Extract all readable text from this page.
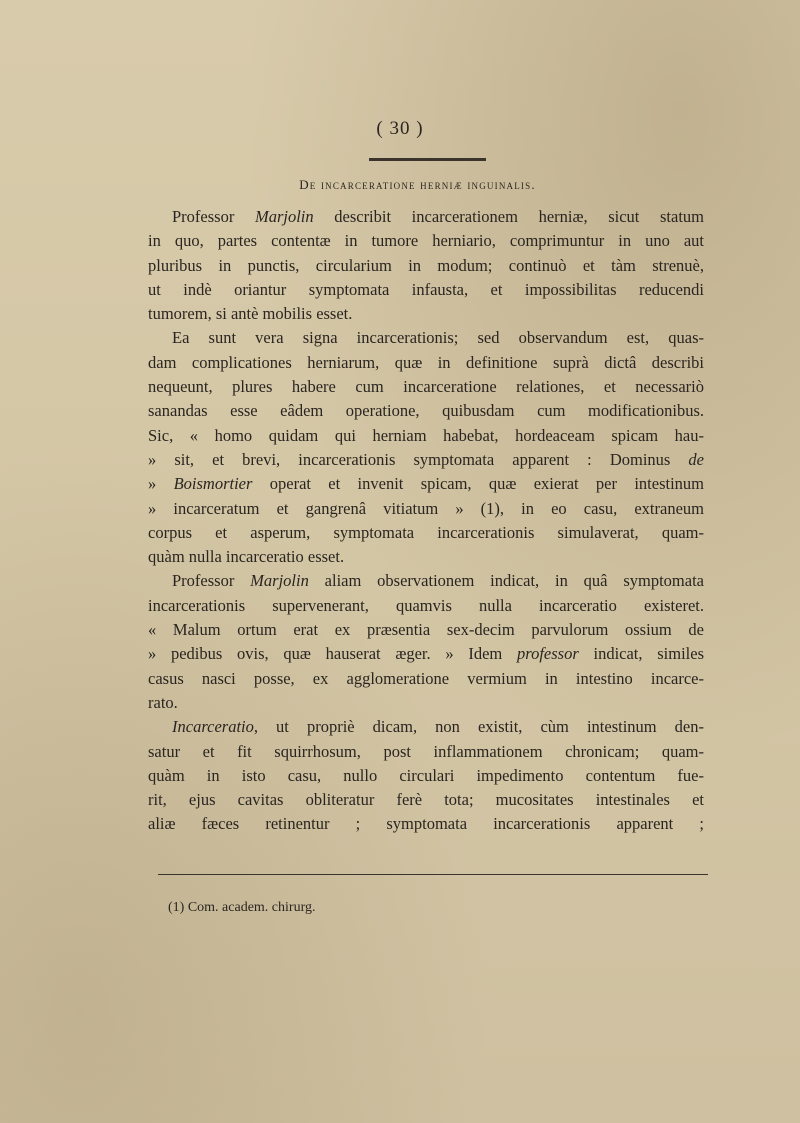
( 30 )
De incarceratione herniæ inguinalis.
Professor Marjolin describit incarcerationem herniæ, sicut statum
in quo, partes contentæ in tumore herniario, comprimuntur in uno aut
pluribus in punctis, circularium in modum; continuò et tàm strenuè,
ut indè oriantur symptomata infausta, et impossibilitas reducendi
tumorem, si antè mobilis esset.
Ea sunt vera signa incarcerationis; sed observandum est, quas-
dam complicationes herniarum, quæ in definitione suprà dictâ describi
nequeunt, plures habere cum incarceratione relationes, et necessariò
sanandas esse eâdem operatione, quibusdam cum modificationibus.
Sic, « homo quidam qui herniam habebat, hordeaceam spicam hau-
» sit, et brevi, incarcerationis symptomata apparent : Dominus de
» Boismortier operat et invenit spicam, quæ exierat per intestinum
» incarceratum et gangrenâ vitiatum » (1), in eo casu, extraneum
corpus et asperum, symptomata incarcerationis simulaverat, quam-
quàm nulla incarceratio esset.
Professor Marjolin aliam observationem indicat, in quâ symptomata
incarcerationis supervenerant, quamvis nulla incarceratio existeret.
« Malum ortum erat ex præsentia sex-decim parvulorum ossium de
» pedibus ovis, quæ hauserat æger. » Idem professor indicat, similes
casus nasci posse, ex agglomeratione vermium in intestino incarce-
rato.
Incarceratio, ut propriè dicam, non existit, cùm intestinum den-
satur et fit squirrhosum, post inflammationem chronicam; quam-
quàm in isto casu, nullo circulari impedimento contentum fue-
rit, ejus cavitas obliteratur ferè tota; mucositates intestinales et
aliæ fæces retinentur ; symptomata incarcerationis apparent ;
(1) Com. academ. chirurg.
